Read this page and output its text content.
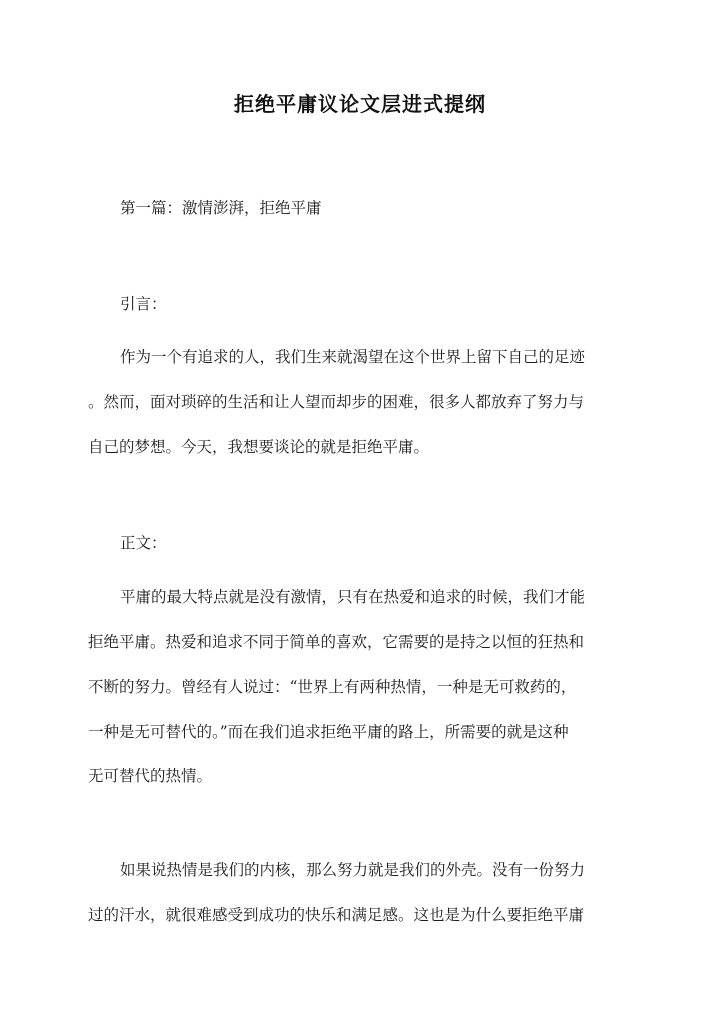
拒绝平庸议论文层进式提纲
第一篇：激情澎湃，拒绝平庸
引言：
作为一个有追求的人，我们生来就渴望在这个世界上留下自己的足迹
。然而，面对琐碎的生活和让人望而却步的困难，很多人都放弃了努力与
自己的梦想。今天，我想要谈论的就是拒绝平庸。
正文：
平庸的最大特点就是没有激情，只有在热爱和追求的时候，我们才能
拒绝平庸。热爱和追求不同于简单的喜欢，它需要的是持之以恒的狂热和
不断的努力。曾经有人说过：“世界上有两种热情，一种是无可救药的，
一种是无可替代的。”而在我们追求拒绝平庸的路上，所需要的就是这种
无可替代的热情。
如果说热情是我们的内核，那么努力就是我们的外壳。没有一份努力
过的汗水，就很难感受到成功的快乐和满足感。这也是为什么要拒绝平庸
